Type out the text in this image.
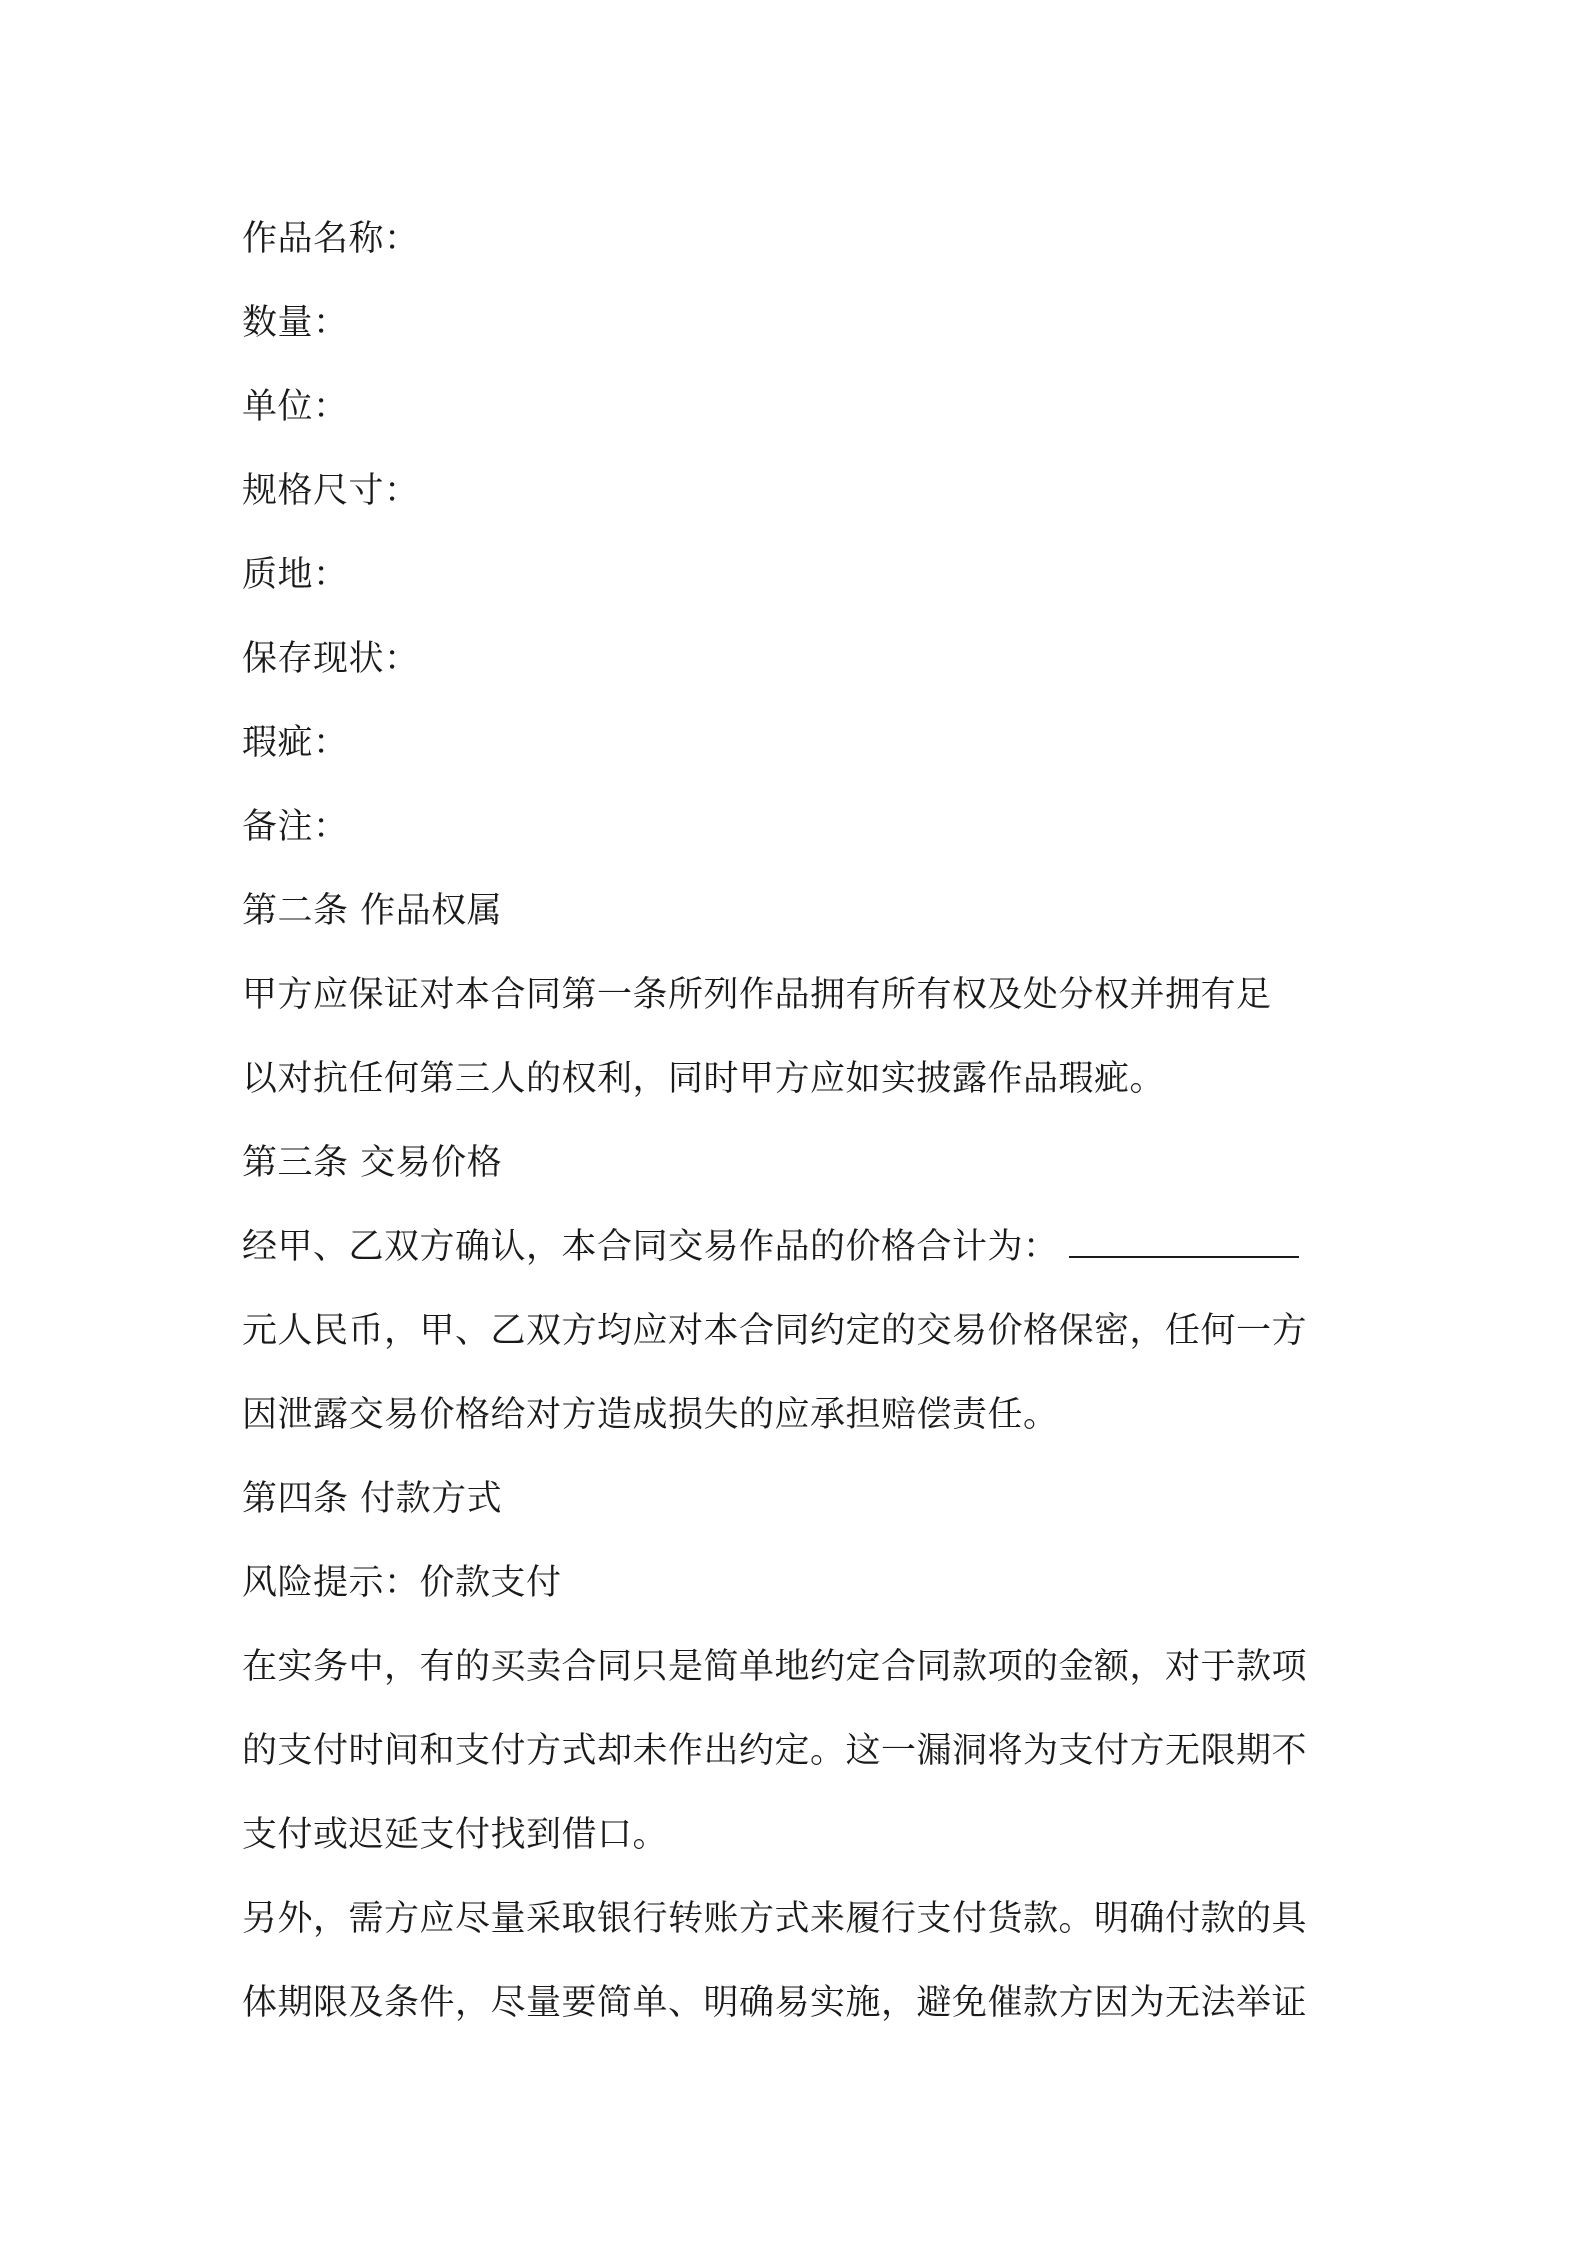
作品名称：
数量：
单位：
规格尺寸：
质地：
保存现状：
瑕疵：
备注：
第二条 作品权属
甲方应保证对本合同第一条所列作品拥有所有权及处分权并拥有足
以对抗任何第三人的权利，同时甲方应如实披露作品瑕疵。
第三条 交易价格
经甲、乙双方确认，本合同交易作品的价格合计为：
元人民币，甲、乙双方均应对本合同约定的交易价格保密，任何一方
因泄露交易价格给对方造成损失的应承担赔偿责任。
第四条 付款方式
风险提示：价款支付
在实务中，有的买卖合同只是简单地约定合同款项的金额，对于款项
的支付时间和支付方式却未作出约定。这一漏洞将为支付方无限期不
支付或迟延支付找到借口。
另外，需方应尽量采取银行转账方式来履行支付货款。明确付款的具
体期限及条件，尽量要简单、明确易实施，避免催款方因为无法举证
